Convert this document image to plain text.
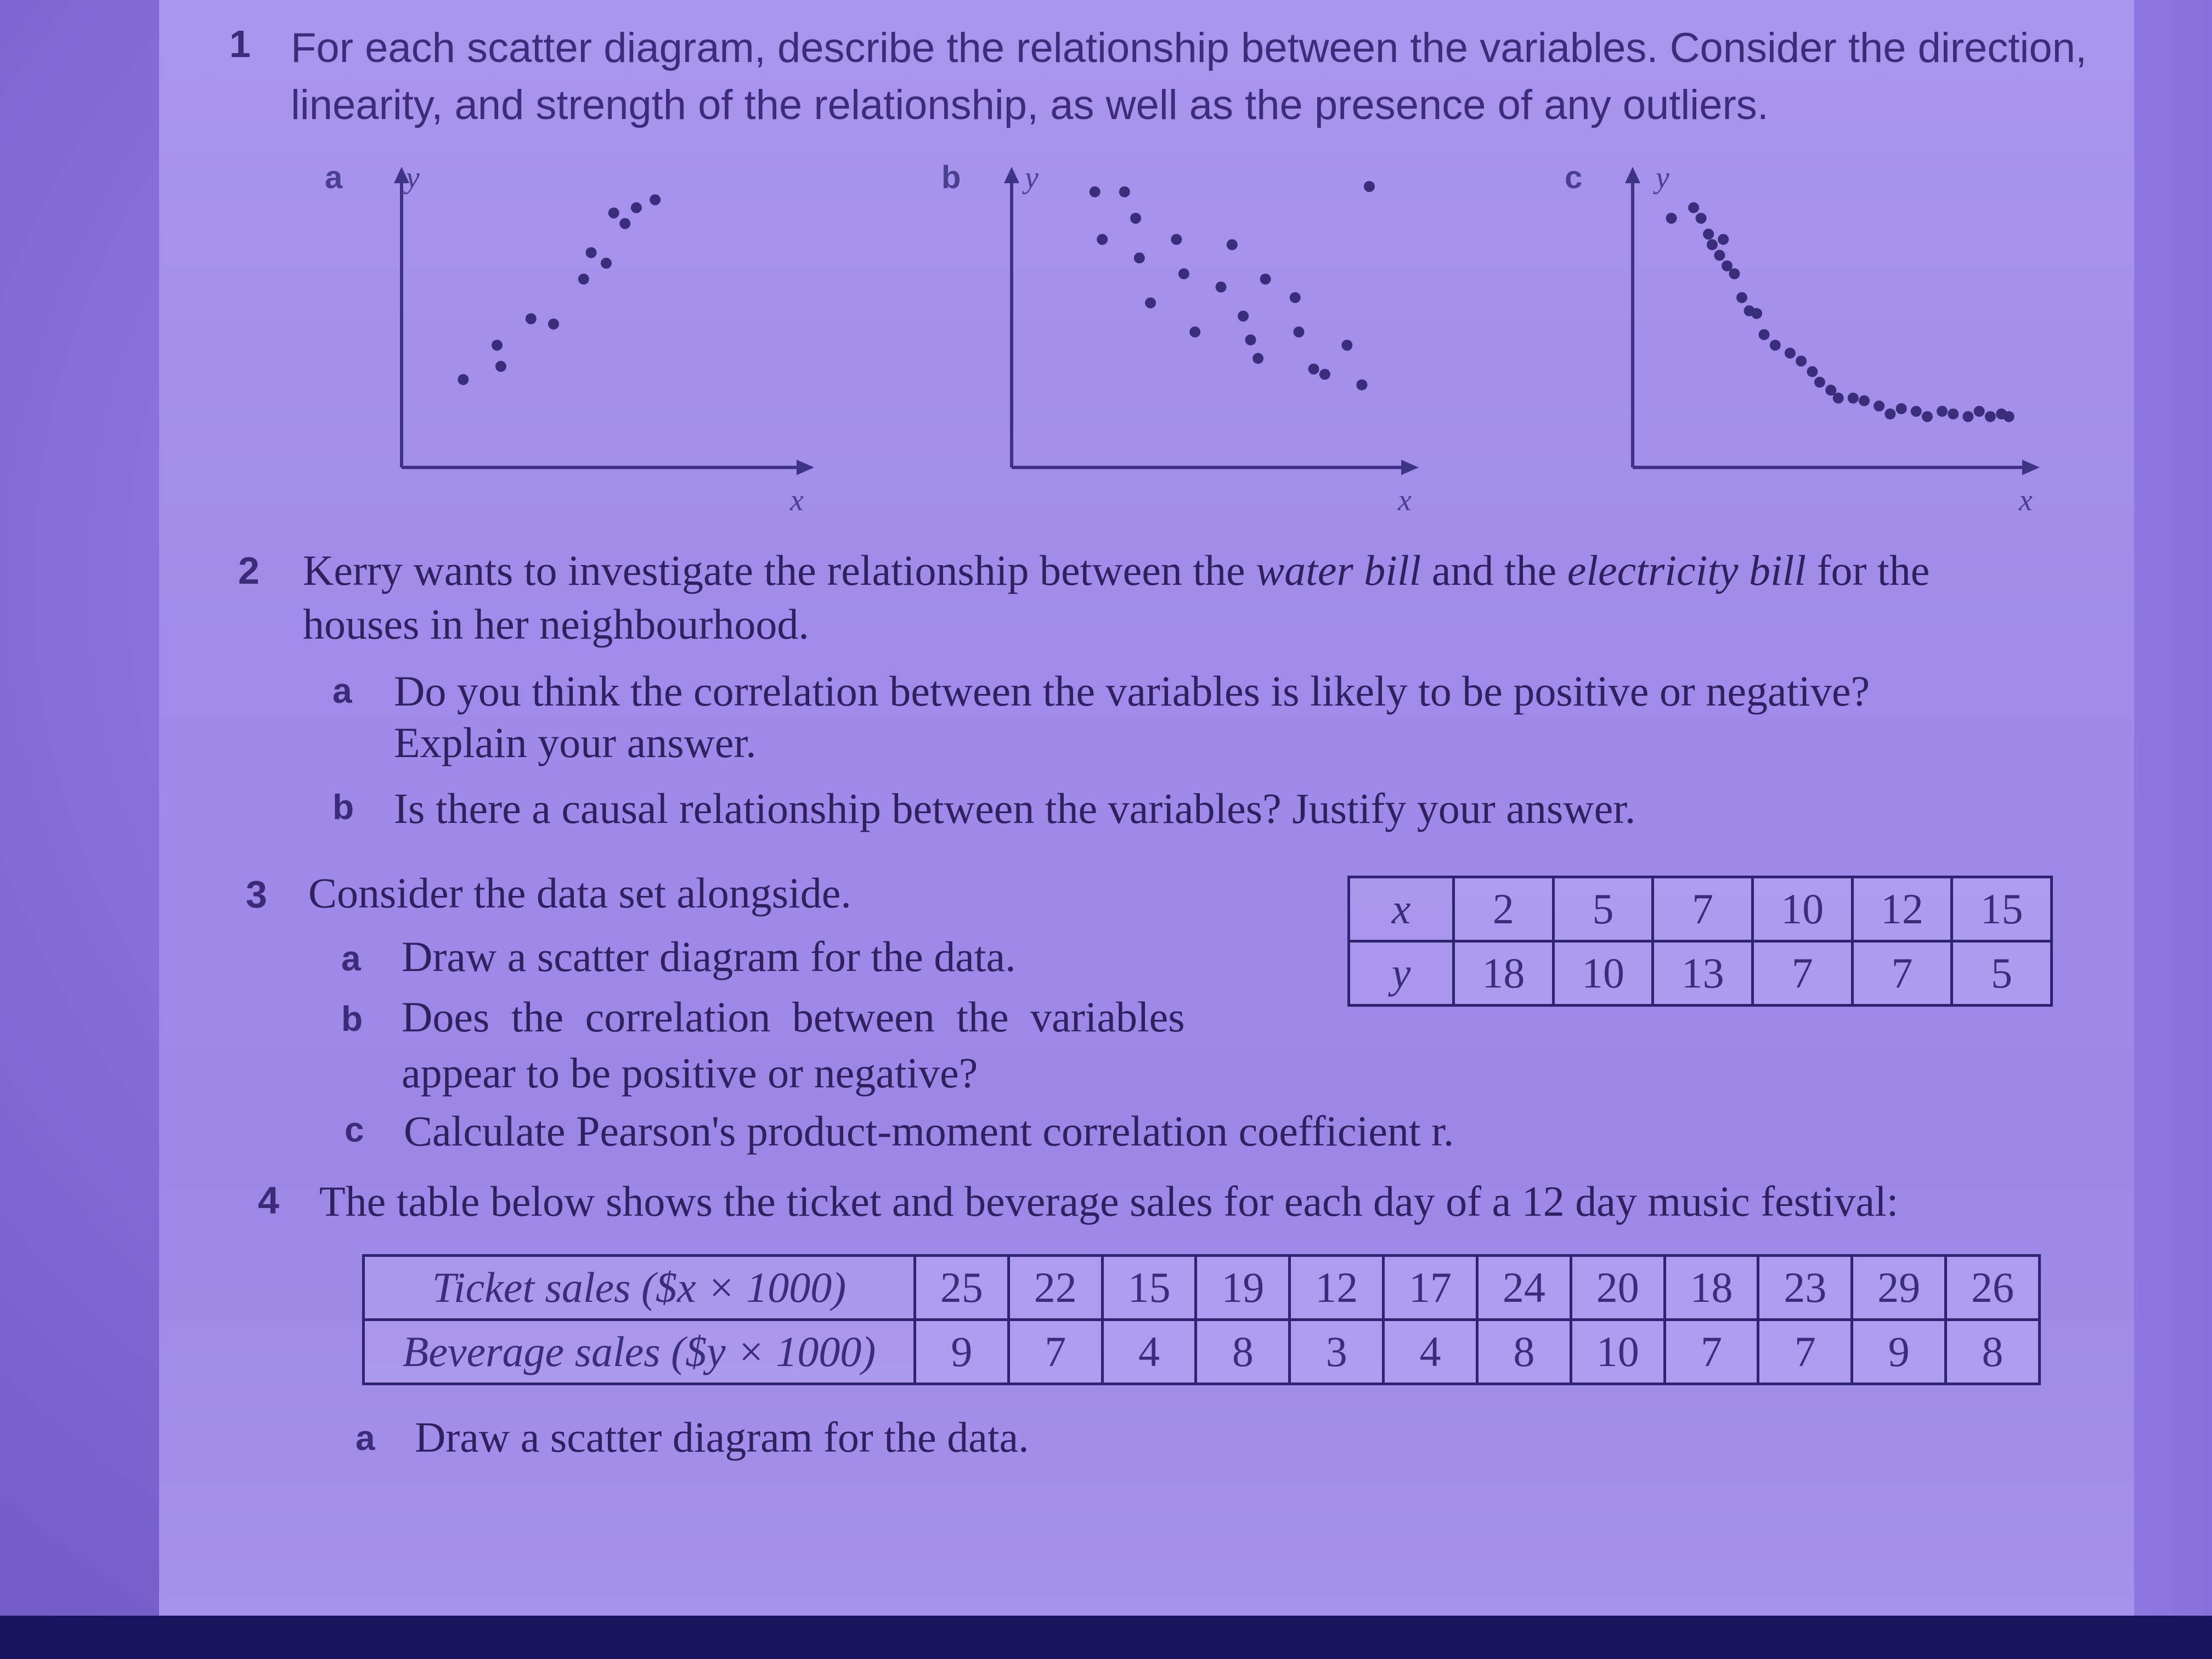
1 For each scatter diagram, describe the relationship between the variables. Consider the direction,
linearity, and strength of the relationship, as well as the presence of any outliers.
a y
x
b y
x
c y
x
2 Kerry wants to investigate the relationship between the water bill and the electricity bill for the
houses in her neighbourhood.
a Do you think the correlation between the variables is likely to be positive or negative?
Explain your answer.
b Is there a causal relationship between the variables? Justify your answer.
3 Consider the data set alongside.
a Draw a scatter diagram for the data.
b Does the correlation between the variables
appear to be positive or negative?
c Calculate Pearson's product-moment correlation coefficient r.
x	2	5	7	10	12	15
y	18	10	13	7	7	5
4 The table below shows the ticket and beverage sales for each day of a 12 day music festival:
Ticket sales ($x × 1000)	25	22	15	19	12	17	24	20	18	23	29	26
Beverage sales ($y × 1000)	9	7	4	8	3	4	8	10	7	7	9	8
a Draw a scatter diagram for the data.
